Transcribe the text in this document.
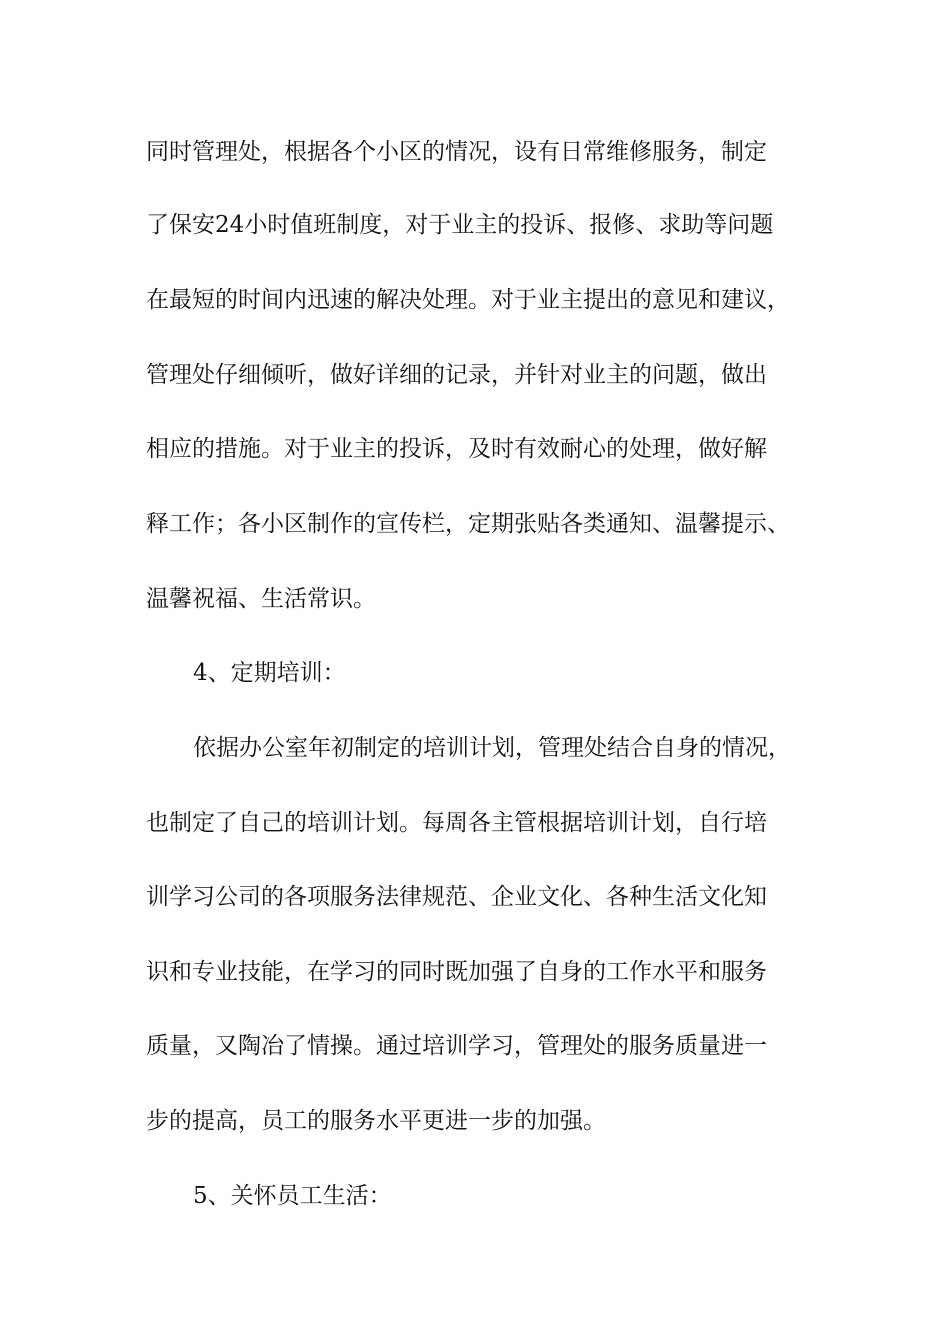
同时管理处，根据各个小区的情况，设有日常维修服务，制定

了保安24小时值班制度，对于业主的投诉、报修、求助等问题

在最短的时间内迅速的解决处理。对于业主提出的意见和建议，

管理处仔细倾听，做好详细的记录，并针对业主的问题，做出

相应的措施。对于业主的投诉，及时有效耐心的处理，做好解

释工作；各小区制作的宣传栏，定期张贴各类通知、温馨提示、

温馨祝福、生活常识。

4、定期培训：

依据办公室年初制定的培训计划，管理处结合自身的情况，

也制定了自己的培训计划。每周各主管根据培训计划，自行培

训学习公司的各项服务法律规范、企业文化、各种生活文化知

识和专业技能，在学习的同时既加强了自身的工作水平和服务

质量，又陶冶了情操。通过培训学习，管理处的服务质量进一

步的提高，员工的服务水平更进一步的加强。

5、关怀员工生活：
